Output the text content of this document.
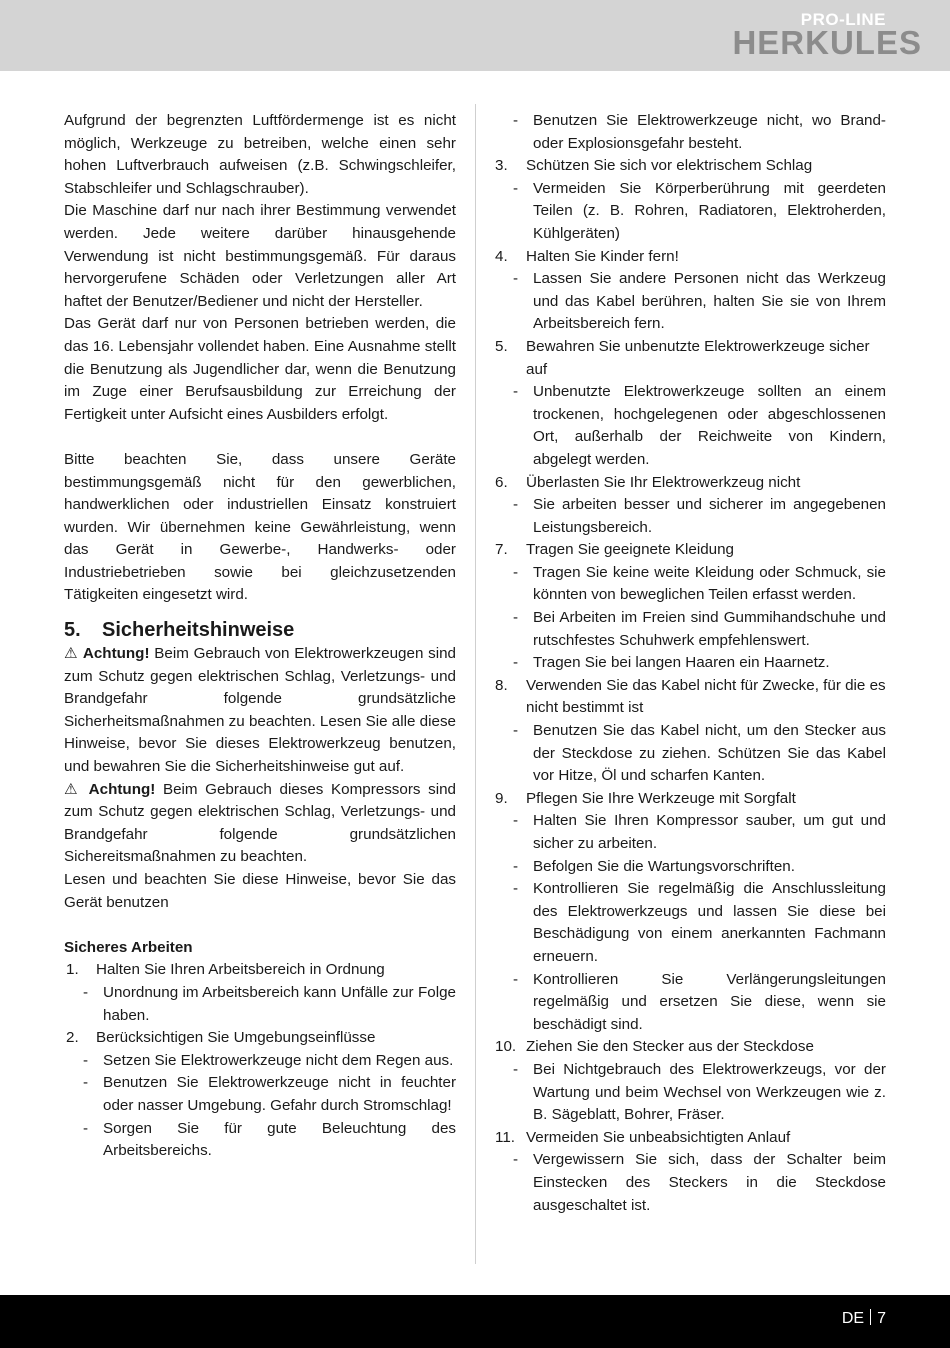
PRO-LINE
HERKULES

Aufgrund der begrenzten Luftfördermenge ist es nicht möglich, Werkzeuge zu betreiben, welche einen sehr hohen Luftverbrauch aufweisen (z.B. Schwingschleifer, Stabschleifer und Schlagschrauber).

Die Maschine darf nur nach ihrer Bestimmung verwendet werden. Jede weitere darüber hinausgehende Verwendung ist nicht bestimmungsgemäß. Für daraus hervorgerufene Schäden oder Verletzungen aller Art haftet der Benutzer/Bediener und nicht der Hersteller.

Das Gerät darf nur von Personen betrieben werden, die das 16. Lebensjahr vollendet haben. Eine Ausnahme stellt die Benutzung als Jugendlicher dar, wenn die Benutzung im Zuge einer Berufsausbildung zur Erreichung der Fertigkeit unter Aufsicht eines Ausbilders erfolgt.

Bitte beachten Sie, dass unsere Geräte bestimmungsgemäß nicht für den gewerblichen, handwerklichen oder industriellen Einsatz konstruiert wurden. Wir übernehmen keine Gewährleistung, wenn das Gerät in Gewerbe-, Handwerks- oder Industriebetrieben sowie bei gleichzusetzenden Tätigkeiten eingesetzt wird.

5. Sicherheitshinweise

⚠ Achtung! Beim Gebrauch von Elektrowerkzeugen sind zum Schutz gegen elektrischen Schlag, Verletzungs- und Brandgefahr folgende grundsätzliche Sicherheitsmaßnahmen zu beachten. Lesen Sie alle diese Hinweise, bevor Sie dieses Elektrowerkzeug benutzen, und bewahren Sie die Sicherheitshinweise gut auf.

⚠ Achtung! Beim Gebrauch dieses Kompressors sind zum Schutz gegen elektrischen Schlag, Verletzungs- und Brandgefahr folgende grundsätzlichen Sichereitsmaßnahmen zu beachten.

Lesen und beachten Sie diese Hinweise, bevor Sie das Gerät benutzen

Sicheres Arbeiten

1. Halten Sie Ihren Arbeitsbereich in Ordnung
- Unordnung im Arbeitsbereich kann Unfälle zur Folge haben.
2. Berücksichtigen Sie Umgebungseinflüsse
- Setzen Sie Elektrowerkzeuge nicht dem Regen aus.
- Benutzen Sie Elektrowerkzeuge nicht in feuchter oder nasser Umgebung. Gefahr durch Stromschlag!
- Sorgen Sie für gute Beleuchtung des Arbeitsbereichs.
- Benutzen Sie Elektrowerkzeuge nicht, wo Brand- oder Explosionsgefahr besteht.
3. Schützen Sie sich vor elektrischem Schlag
- Vermeiden Sie Körperberührung mit geerdeten Teilen (z. B. Rohren, Radiatoren, Elektroherden, Kühlgeräten)
4. Halten Sie Kinder fern!
- Lassen Sie andere Personen nicht das Werkzeug und das Kabel berühren, halten Sie sie von Ihrem Arbeitsbereich fern.
5. Bewahren Sie unbenutzte Elektrowerkzeuge sicher auf
- Unbenutzte Elektrowerkzeuge sollten an einem trockenen, hochgelegenen oder abgeschlossenen Ort, außerhalb der Reichweite von Kindern, abgelegt werden.
6. Überlasten Sie Ihr Elektrowerkzeug nicht
- Sie arbeiten besser und sicherer im angegebenen Leistungsbereich.
7. Tragen Sie geeignete Kleidung
- Tragen Sie keine weite Kleidung oder Schmuck, sie könnten von beweglichen Teilen erfasst werden.
- Bei Arbeiten im Freien sind Gummihandschuhe und rutschfestes Schuhwerk empfehlenswert.
- Tragen Sie bei langen Haaren ein Haarnetz.
8. Verwenden Sie das Kabel nicht für Zwecke, für die es nicht bestimmt ist
- Benutzen Sie das Kabel nicht, um den Stecker aus der Steckdose zu ziehen. Schützen Sie das Kabel vor Hitze, Öl und scharfen Kanten.
9. Pflegen Sie Ihre Werkzeuge mit Sorgfalt
- Halten Sie Ihren Kompressor sauber, um gut und sicher zu arbeiten.
- Befolgen Sie die Wartungsvorschriften.
- Kontrollieren Sie regelmäßig die Anschlussleitung des Elektrowerkzeugs und lassen Sie diese bei Beschädigung von einem anerkannten Fachmann erneuern.
- Kontrollieren Sie Verlängerungsleitungen regelmäßig und ersetzen Sie diese, wenn sie beschädigt sind.
10. Ziehen Sie den Stecker aus der Steckdose
- Bei Nichtgebrauch des Elektrowerkzeugs, vor der Wartung und beim Wechsel von Werkzeugen wie z. B. Sägeblatt, Bohrer, Fräser.
11. Vermeiden Sie unbeabsichtigten Anlauf
- Vergewissern Sie sich, dass der Schalter beim Einstecken des Steckers in die Steckdose ausgeschaltet ist.
DE 7
